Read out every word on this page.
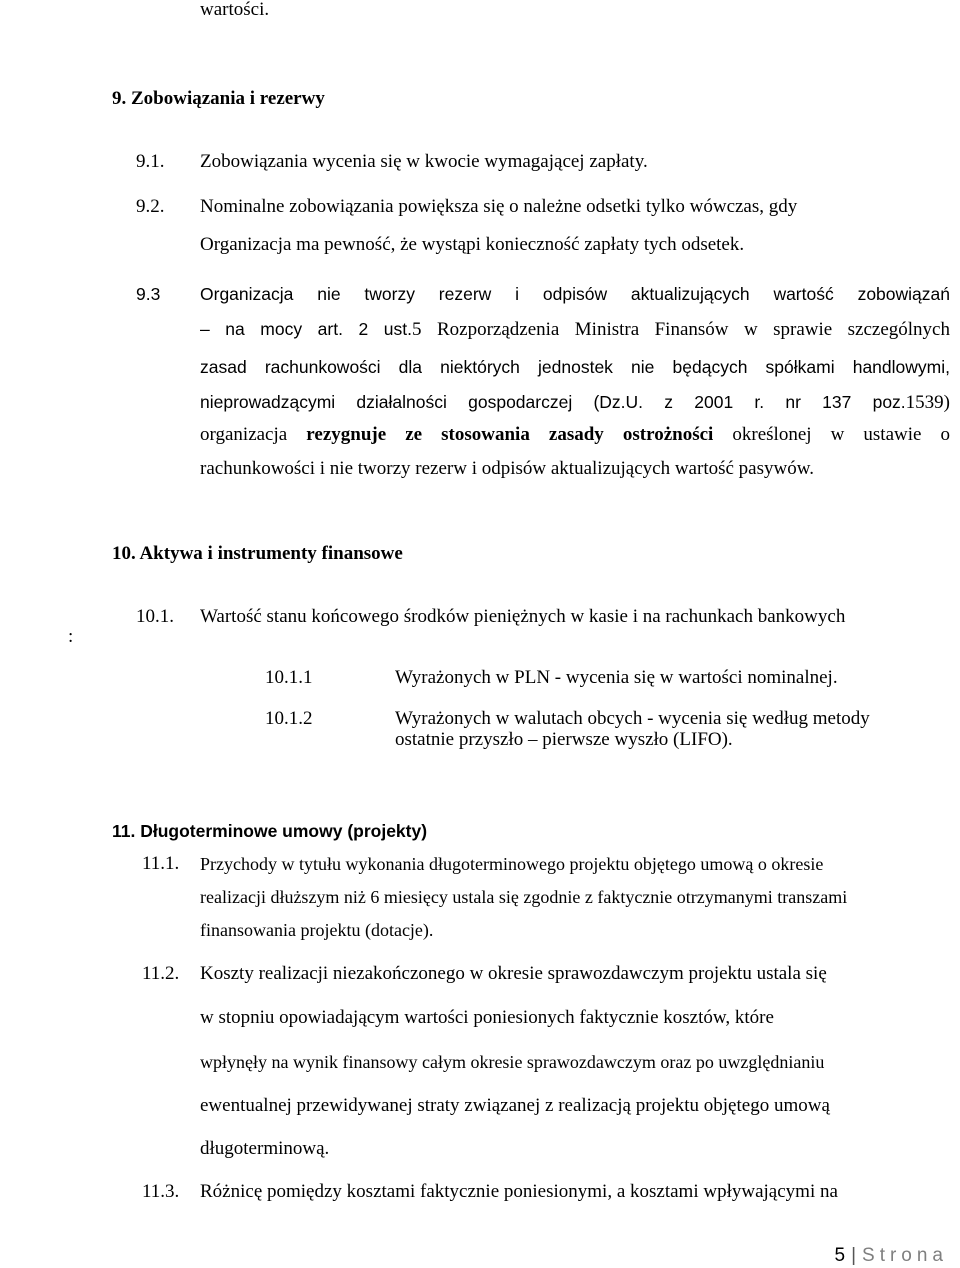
wartości.
9. Zobowiązania i rezerwy
9.1. Zobowiązania wycenia się w kwocie wymagającej zapłaty.
9.2. Nominalne zobowiązania powiększa się o należne odsetki tylko wówczas, gdy
Organizacja ma pewność, że wystąpi konieczność zapłaty tych odsetek.
9.3 Organizacja nie tworzy rezerw i odpisów aktualizujących wartość zobowiązań
– na mocy art. 2 ust.5 Rozporządzenia Ministra Finansów w sprawie szczególnych
zasad rachunkowości dla niektórych jednostek nie będących spółkami handlowymi,
nieprowadzącymi działalności gospodarczej (Dz.U. z 2001 r. nr 137 poz.1539)
organizacja rezygnuje ze stosowania zasady ostrożności określonej w ustawie o
rachunkowości i nie tworzy rezerw i odpisów aktualizujących wartość pasywów.
10. Aktywa i instrumenty finansowe
:
10.1. Wartość stanu końcowego środków pieniężnych w kasie i na rachunkach bankowych
10.1.1	Wyrażonych w PLN - wycenia się w wartości nominalnej.
10.1.2	Wyrażonych w walutach obcych - wycenia się według metody
ostatnie przyszło – pierwsze wyszło (LIFO).
11. Długoterminowe umowy (projekty)
11.1. Przychody w tytułu wykonania długoterminowego projektu objętego umową o okresie
realizacji dłuższym niż 6 miesięcy ustala się zgodnie z faktycznie otrzymanymi transzami
finansowania projektu (dotacje).
11.2. Koszty realizacji niezakończonego w okresie sprawozdawczym projektu ustala się
w stopniu opowiadającym wartości poniesionych faktycznie kosztów, które
wpłynęły na wynik finansowy całym okresie sprawozdawczym oraz po uwzględnianiu
ewentualnej przewidywanej straty związanej z realizacją projektu objętego umową
długoterminową.
11.3. Różnicę pomiędzy kosztami faktycznie poniesionymi, a kosztami wpływającymi na
5 | Strona
